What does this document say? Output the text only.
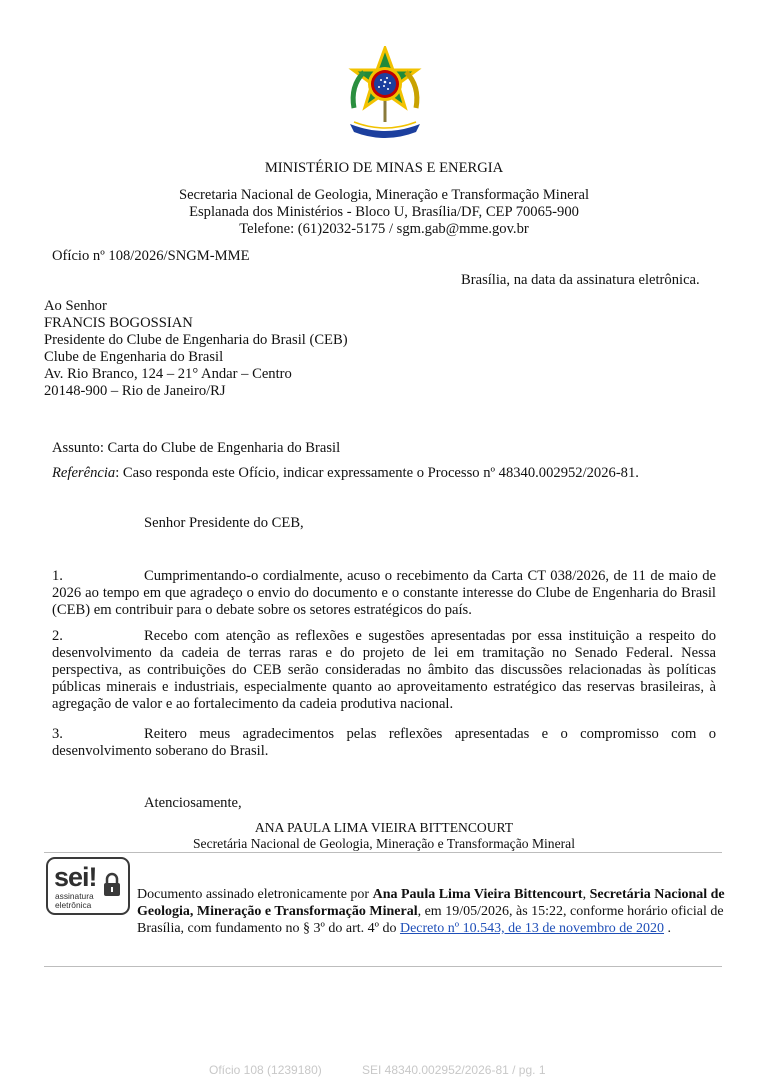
MINISTÉRIO DE MINAS E ENERGIA
Secretaria Nacional de Geologia, Mineração e Transformação Mineral
Esplanada dos Ministérios - Bloco U, Brasília/DF, CEP 70065-900
Telefone: (61)2032-5175 / sgm.gab@mme.gov.br
Ofício nº 108/2026/SNGM-MME
Brasília, na data da assinatura eletrônica.
Ao Senhor
FRANCIS BOGOSSIAN
Presidente do Clube de Engenharia do Brasil (CEB)
Clube de Engenharia do Brasil
Av. Rio Branco, 124 – 21° Andar – Centro
20148-900 – Rio de Janeiro/RJ
Assunto: Carta do Clube de Engenharia do Brasil
Referência: Caso responda este Ofício, indicar expressamente o Processo nº 48340.002952/2026-81.
Senhor Presidente do CEB,
1.	Cumprimentando-o cordialmente, acuso o recebimento da Carta CT 038/2026, de 11 de maio de 2026 ao tempo em que agradeço o envio do documento e o constante interesse do Clube de Engenharia do Brasil (CEB) em contribuir para o debate sobre os setores estratégicos do país.
2.	Recebo com atenção as reflexões e sugestões apresentadas por essa instituição a respeito do desenvolvimento da cadeia de terras raras e do projeto de lei em tramitação no Senado Federal. Nessa perspectiva, as contribuições do CEB serão consideradas no âmbito das discussões relacionadas às políticas públicas minerais e industriais, especialmente quanto ao aproveitamento estratégico das reservas brasileiras, à agregação de valor e ao fortalecimento da cadeia produtiva nacional.
3.	Reitero meus agradecimentos pelas reflexões apresentadas e o compromisso com o desenvolvimento soberano do Brasil.
Atenciosamente,
ANA PAULA LIMA VIEIRA BITTENCOURT
Secretária Nacional de Geologia, Mineração e Transformação Mineral
sei!
assinatura
eletrônica
Documento assinado eletronicamente por Ana Paula Lima Vieira Bittencourt, Secretária Nacional de Geologia, Mineração e Transformação Mineral, em 19/05/2026, às 15:22, conforme horário oficial de Brasília, com fundamento no § 3º do art. 4º do Decreto nº 10.543, de 13 de novembro de 2020 .
Ofício 108 (1239180)	SEI 48340.002952/2026-81 / pg. 1
